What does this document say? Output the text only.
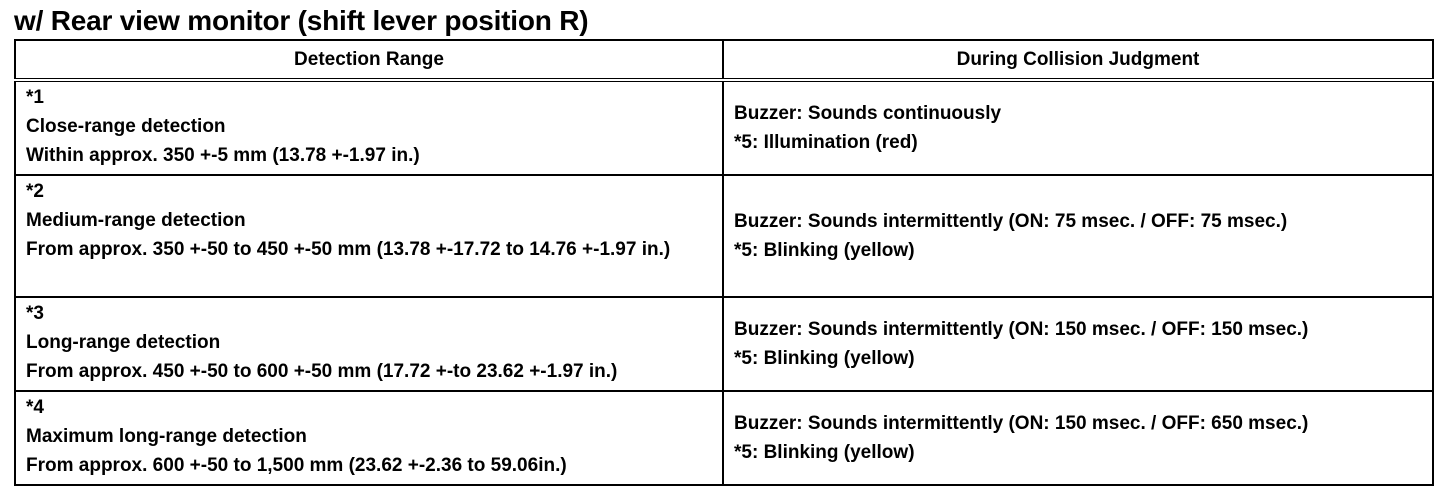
w/ Rear view monitor (shift lever position R)
Detection Range	During Collision Judgment

*1
Close-range detection
Within approx. 350 +-5 mm (13.78 +-1.97 in.)	Buzzer: Sounds continuously
*5: Illumination (red)

*2
Medium-range detection
From approx. 350 +-50 to 450 +-50 mm (13.78 +-17.72 to 14.76 +-1.97 in.)	Buzzer: Sounds intermittently (ON: 75 msec. / OFF: 75 msec.)
*5: Blinking (yellow)

*3
Long-range detection
From approx. 450 +-50 to 600 +-50 mm (17.72 +-to 23.62 +-1.97 in.)	Buzzer: Sounds intermittently (ON: 150 msec. / OFF: 150 msec.)
*5: Blinking (yellow)

*4
Maximum long-range detection
From approx. 600 +-50 to 1,500 mm (23.62 +-2.36 to 59.06in.)	Buzzer: Sounds intermittently (ON: 150 msec. / OFF: 650 msec.)
*5: Blinking (yellow)
